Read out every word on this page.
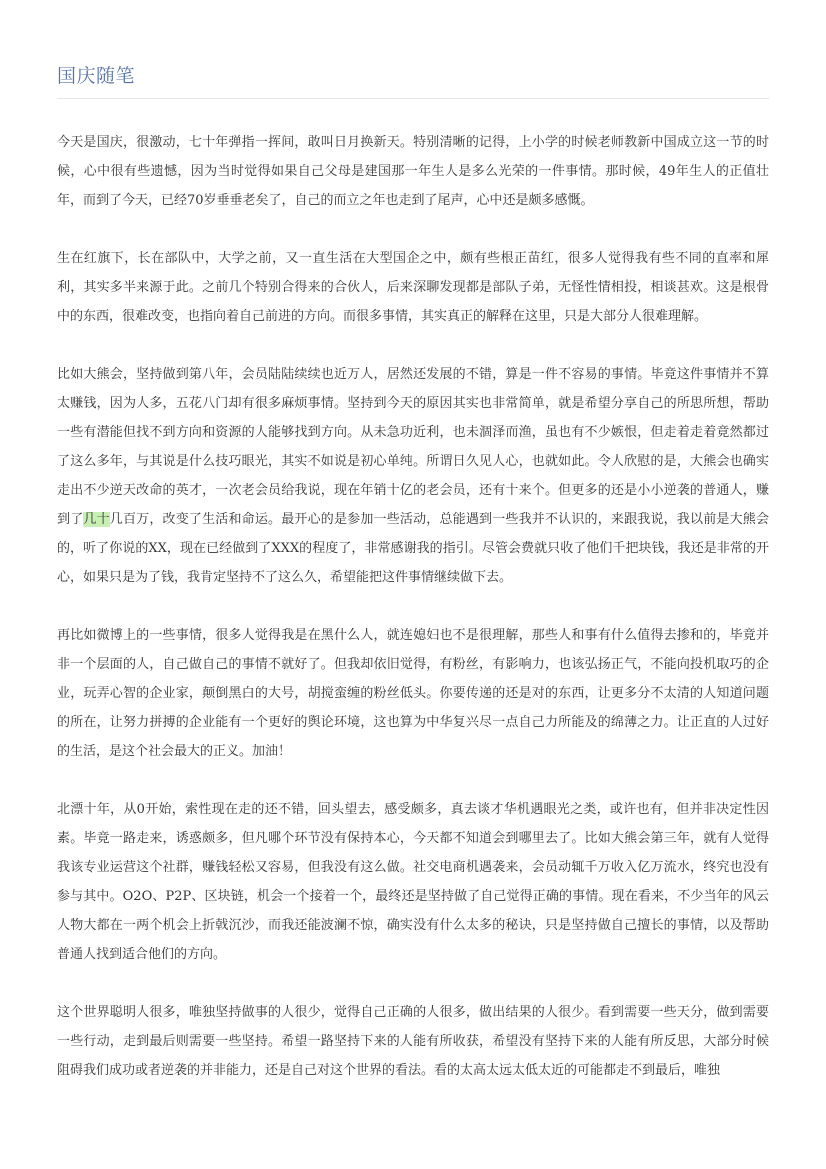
国庆随笔

今天是国庆，很激动，七十年弹指一挥间，敢叫日月换新天。特别清晰的记得，上小学的时候老师教新中国成立这一节的时候，心中很有些遗憾，因为当时觉得如果自己父母是建国那一年生人是多么光荣的一件事情。那时候，49年生人的正值壮年，而到了今天，已经70岁垂垂老矣了，自己的而立之年也走到了尾声，心中还是颇多感慨。

生在红旗下，长在部队中，大学之前，又一直生活在大型国企之中，颇有些根正苗红，很多人觉得我有些不同的直率和犀利，其实多半来源于此。之前几个特别合得来的合伙人，后来深聊发现都是部队子弟，无怪性情相投，相谈甚欢。这是根骨中的东西，很难改变，也指向着自己前进的方向。而很多事情，其实真正的解释在这里，只是大部分人很难理解。

比如大熊会，坚持做到第八年，会员陆陆续续也近万人，居然还发展的不错，算是一件不容易的事情。毕竟这件事情并不算太赚钱，因为人多，五花八门却有很多麻烦事情。坚持到今天的原因其实也非常简单，就是希望分享自己的所思所想，帮助一些有潜能但找不到方向和资源的人能够找到方向。从未急功近利，也未涸泽而渔，虽也有不少嫉恨，但走着走着竟然都过了这么多年，与其说是什么技巧眼光，其实不如说是初心单纯。所谓日久见人心，也就如此。令人欣慰的是，大熊会也确实走出不少逆天改命的英才，一次老会员给我说，现在年销十亿的老会员，还有十来个。但更多的还是小小逆袭的普通人，赚到了几十几百万，改变了生活和命运。最开心的是参加一些活动，总能遇到一些我并不认识的，来跟我说，我以前是大熊会的，听了你说的XX，现在已经做到了XXX的程度了，非常感谢我的指引。尽管会费就只收了他们千把块钱，我还是非常的开心，如果只是为了钱，我肯定坚持不了这么久，希望能把这件事情继续做下去。

再比如微博上的一些事情，很多人觉得我是在黑什么人，就连媳妇也不是很理解，那些人和事有什么值得去掺和的，毕竟并非一个层面的人，自己做自己的事情不就好了。但我却依旧觉得，有粉丝，有影响力，也该弘扬正气，不能向投机取巧的企业，玩弄心智的企业家，颠倒黑白的大号，胡搅蛮缠的粉丝低头。你要传递的还是对的东西，让更多分不太清的人知道问题的所在，让努力拼搏的企业能有一个更好的舆论环境，这也算为中华复兴尽一点自己力所能及的绵薄之力。让正直的人过好的生活，是这个社会最大的正义。加油！

北漂十年，从0开始，索性现在走的还不错，回头望去，感受颇多，真去谈才华机遇眼光之类，或许也有，但并非决定性因素。毕竟一路走来，诱惑颇多，但凡哪个环节没有保持本心，今天都不知道会到哪里去了。比如大熊会第三年，就有人觉得我该专业运营这个社群，赚钱轻松又容易，但我没有这么做。社交电商机遇袭来，会员动辄千万收入亿万流水，终究也没有参与其中。O2O、P2P、区块链，机会一个接着一个，最终还是坚持做了自己觉得正确的事情。现在看来，不少当年的风云人物大都在一两个机会上折戟沉沙，而我还能波澜不惊，确实没有什么太多的秘诀，只是坚持做自己擅长的事情，以及帮助普通人找到适合他们的方向。

这个世界聪明人很多，唯独坚持做事的人很少，觉得自己正确的人很多，做出结果的人很少。看到需要一些天分，做到需要一些行动，走到最后则需要一些坚持。希望一路坚持下来的人能有所收获，希望没有坚持下来的人能有所反思，大部分时候阻碍我们成功或者逆袭的并非能力，还是自己对这个世界的看法。看的太高太远太低太近的可能都走不到最后，唯独
